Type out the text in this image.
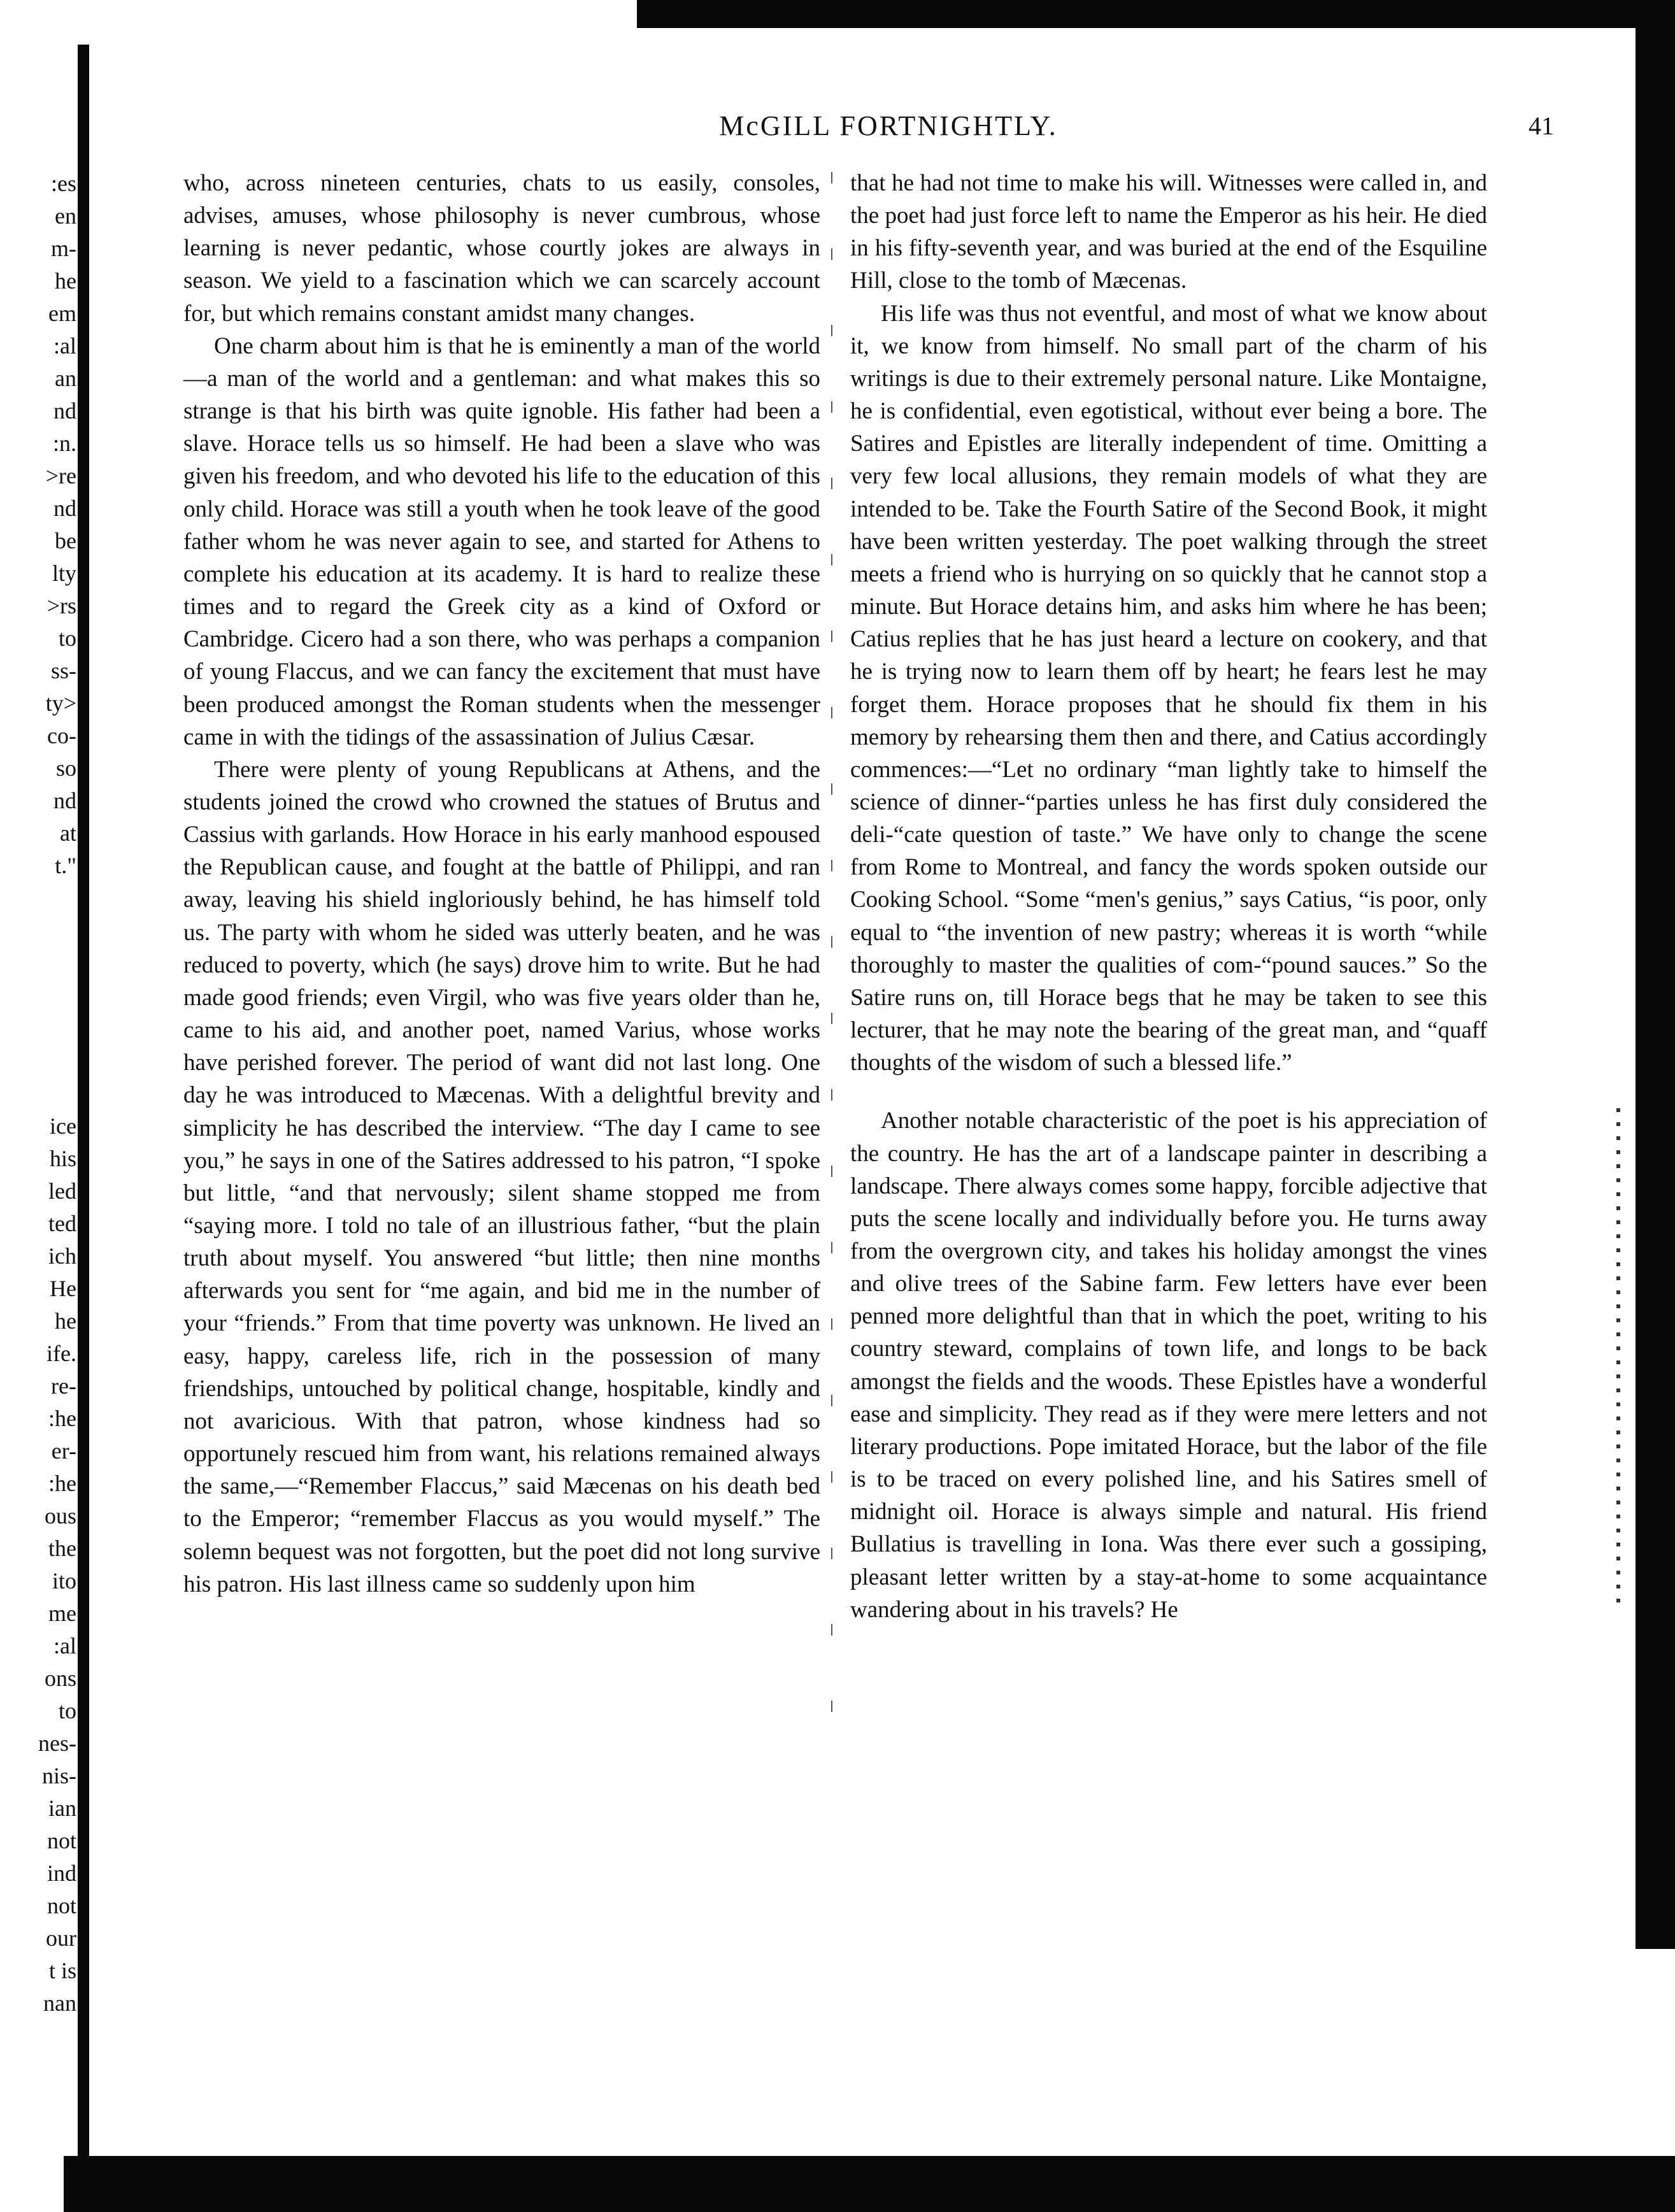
McGILL FORTNIGHTLY.	41
:es
en
m-
he
em
:al
an
nd
:n.
>re
nd
be
lty
>rs
to
ss-
ty>
co-
so
nd
at
t."
ice
his
led
ted
ich
He
he
ife.
re-
:he
er-
:he
ous
the
ito
me
:al
ons
to
nes-
nis-
ian
not
ind
not
our
t is
nan

who, across nineteen centuries, chats to us easily, consoles, advises, amuses, whose philosophy is never cumbrous, whose learning is never pedantic, whose courtly jokes are always in season. We yield to a fascination which we can scarcely account for, but which remains constant amidst many changes.

One charm about him is that he is eminently a man of the world—a man of the world and a gentleman: and what makes this so strange is that his birth was quite ignoble. His father had been a slave. Horace tells us so himself. He had been a slave who was given his freedom, and who devoted his life to the education of this only child. Horace was still a youth when he took leave of the good father whom he was never again to see, and started for Athens to complete his education at its academy. It is hard to realize these times and to regard the Greek city as a kind of Oxford or Cambridge. Cicero had a son there, who was perhaps a companion of young Flaccus, and we can fancy the excitement that must have been produced amongst the Roman students when the messenger came in with the tidings of the assassination of Julius Cæsar.

There were plenty of young Republicans at Athens, and the students joined the crowd who crowned the statues of Brutus and Cassius with garlands. How Horace in his early manhood espoused the Republican cause, and fought at the battle of Philippi, and ran away, leaving his shield ingloriously behind, he has himself told us. The party with whom he sided was utterly beaten, and he was reduced to poverty, which (he says) drove him to write. But he had made good friends; even Virgil, who was five years older than he, came to his aid, and another poet, named Varius, whose works have perished forever. The period of want did not last long. One day he was introduced to Mæcenas. With a delightful brevity and simplicity he has described the interview. “The day I came to see you,” he says in one of the Satires addressed to his patron, “I spoke but little, “and that nervously; silent shame stopped me from “saying more. I told no tale of an illustrious father, “but the plain truth about myself. You answered “but little; then nine months afterwards you sent for “me again, and bid me in the number of your “friends.” From that time poverty was unknown. He lived an easy, happy, careless life, rich in the possession of many friendships, untouched by political change, hospitable, kindly and not avaricious. With that patron, whose kindness had so opportunely rescued him from want, his relations remained always the same,—“Remember Flaccus,” said Mæcenas on his death bed to the Emperor; “remember Flaccus as you would myself.” The solemn bequest was not forgotten, but the poet did not long survive his patron. His last illness came so suddenly upon him

that he had not time to make his will. Witnesses were called in, and the poet had just force left to name the Emperor as his heir. He died in his fifty-seventh year, and was buried at the end of the Esquiline Hill, close to the tomb of Mæcenas.

His life was thus not eventful, and most of what we know about it, we know from himself. No small part of the charm of his writings is due to their extremely personal nature. Like Montaigne, he is confidential, even egotistical, without ever being a bore. The Satires and Epistles are literally independent of time. Omitting a very few local allusions, they remain models of what they are intended to be. Take the Fourth Satire of the Second Book, it might have been written yesterday. The poet walking through the street meets a friend who is hurrying on so quickly that he cannot stop a minute. But Horace detains him, and asks him where he has been; Catius replies that he has just heard a lecture on cookery, and that he is trying now to learn them off by heart; he fears lest he may forget them. Horace proposes that he should fix them in his memory by rehearsing them then and there, and Catius accordingly commences:—“Let no ordinary “man lightly take to himself the science of dinner-“parties unless he has first duly considered the deli-“cate question of taste.” We have only to change the scene from Rome to Montreal, and fancy the words spoken outside our Cooking School. “Some “men's genius,” says Catius, “is poor, only equal to “the invention of new pastry; whereas it is worth “while thoroughly to master the qualities of com-“pound sauces.” So the Satire runs on, till Horace begs that he may be taken to see this lecturer, that he may note the bearing of the great man, and “quaff thoughts of the wisdom of such a blessed life.”

Another notable characteristic of the poet is his appreciation of the country. He has the art of a landscape painter in describing a landscape. There always comes some happy, forcible adjective that puts the scene locally and individually before you. He turns away from the overgrown city, and takes his holiday amongst the vines and olive trees of the Sabine farm. Few letters have ever been penned more delightful than that in which the poet, writing to his country steward, complains of town life, and longs to be back amongst the fields and the woods. These Epistles have a wonderful ease and simplicity. They read as if they were mere letters and not literary productions. Pope imitated Horace, but the labor of the file is to be traced on every polished line, and his Satires smell of midnight oil. Horace is always simple and natural. His friend Bullatius is travelling in Iona. Was there ever such a gossiping, pleasant letter written by a stay-at-home to some acquaintance wandering about in his travels? He
